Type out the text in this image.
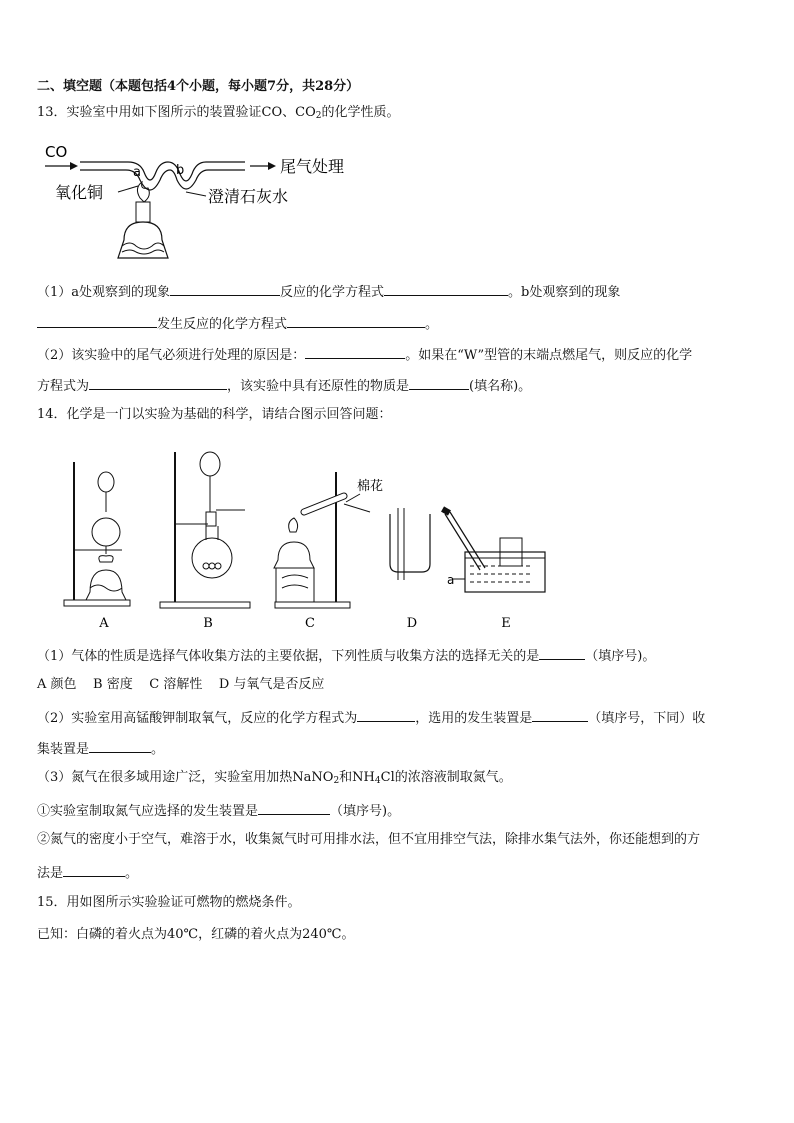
二、填空题（本题包括4个小题，每小题7分，共28分）
13．实验室中用如下图所示的装置验证CO、$CO_2$的化学性质。
CO
a	b	尾气处理
氧化铜	澄清石灰水
（1）a处观察到的现象	反应的化学方程式	。b处观察到的现象
发生反应的化学方程式	。
（2）该实验中的尾气必须进行处理的原因是：	。如果在“W”型管的末端点燃尾气，则反应的化学
方程式为	，该实验中具有还原性的物质是	(填名称)。
14．化学是一门以实验为基础的科学，请结合图示回答问题：
棉花
a
A	B	C	D	E
（1）气体的性质是选择气体收集方法的主要依据，下列性质与收集方法的选择无关的是	（填序号)。
A 颜色    B 密度    C 溶解性    D 与氧气是否反应
（2）实验室用高锰酸钾制取氧气，反应的化学方程式为	，选用的发生装置是	（填序号，下同）收
集装置是	。
（3）氮气在很多域用途广泛，实验室用加热NaNO$_2$和$NH_4Cl$的浓溶液制取氮气。
①实验室制取氮气应选择的发生装置是	（填序号)。
②氮气的密度小于空气，难溶于水，收集氮气时可用排水法，但不宜用排空气法，除排水集气法外，你还能想到的方
法是	。
15．用如图所示实验验证可燃物的燃烧条件。
已知：白磷的着火点为40℃，红磷的着火点为240℃。
